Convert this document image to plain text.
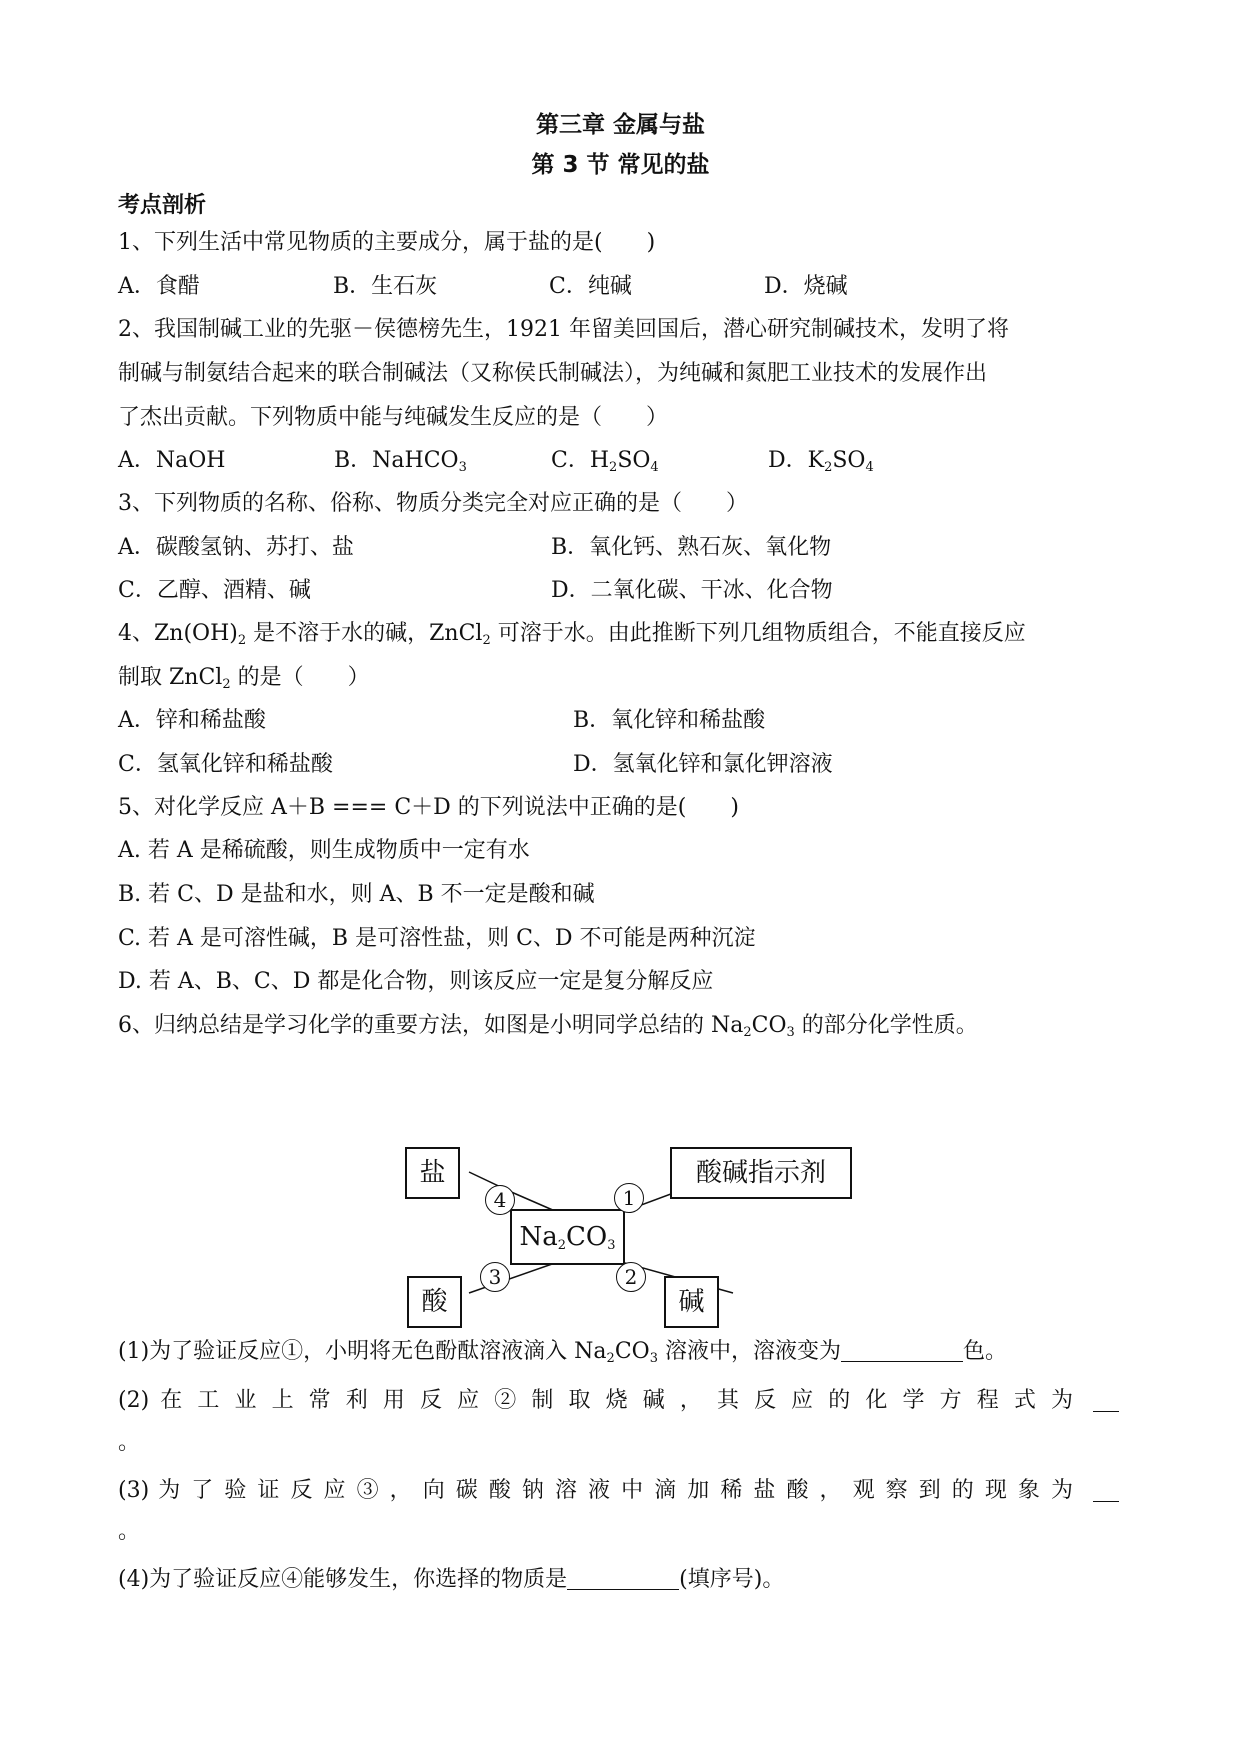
第三章 金属与盐
第 3 节 常见的盐
考点剖析
1、下列生活中常见物质的主要成分，属于盐的是(　　)
A．食醋	B．生石灰	C．纯碱	D．烧碱
2、我国制碱工业的先驱－侯德榜先生，1921 年留美回国后，潜心研究制碱技术，发明了将
制碱与制氨结合起来的联合制碱法（又称侯氏制碱法），为纯碱和氮肥工业技术的发展作出
了杰出贡献。下列物质中能与纯碱发生反应的是（　　）
A．NaOH	B．NaHCO$_3$	C．$H_2SO_4$	D．$K_2SO_4$
3、下列物质的名称、俗称、物质分类完全对应正确的是（　　）
A．碳酸氢钠、苏打、盐	B．氧化钙、熟石灰、氧化物
C．乙醇、酒精、碱	D．二氧化碳、干冰、化合物
4、$Zn(OH)_2$ 是不溶于水的碱，ZnCl$_2$ 可溶于水。由此推断下列几组物质组合，不能直接反应
制取 ZnCl$_2$ 的是（　　）
A．锌和稀盐酸	B．氧化锌和稀盐酸
C．氢氧化锌和稀盐酸	D．氢氧化锌和氯化钾溶液
5、对化学反应 A＋B === C＋D 的下列说法中正确的是(　　)
A. 若 A 是稀硫酸，则生成物质中一定有水
B. 若 C、D 是盐和水，则 A、B 不一定是酸和碱
C. 若 A 是可溶性碱，B 是可溶性盐，则 C、D 不可能是两种沉淀
D. 若 A、B、C、D 都是化合物，则该反应一定是复分解反应
6、归纳总结是学习化学的重要方法，如图是小明同学总结的 $Na_2CO_3$ 的部分化学性质。
盐	酸碱指示剂
$Na_2CO_3$
酸	碱
4	1
3	2
(1)为了验证反应①，小明将无色酚酞溶液滴入 $Na_2CO_3$ 溶液中，溶液变为	色。
(2) 在 工 业 上 常 利 用 反 应 ② 制 取 烧 碱 ， 其 反 应 的 化 学 方 程 式 为
。
(3) 为 了 验 证 反 应 ③ ， 向 碳 酸 钠 溶 液 中 滴 加 稀 盐 酸 ， 观 察 到 的 现 象 为
。
(4)为了验证反应④能够发生，你选择的物质是	(填序号)。
